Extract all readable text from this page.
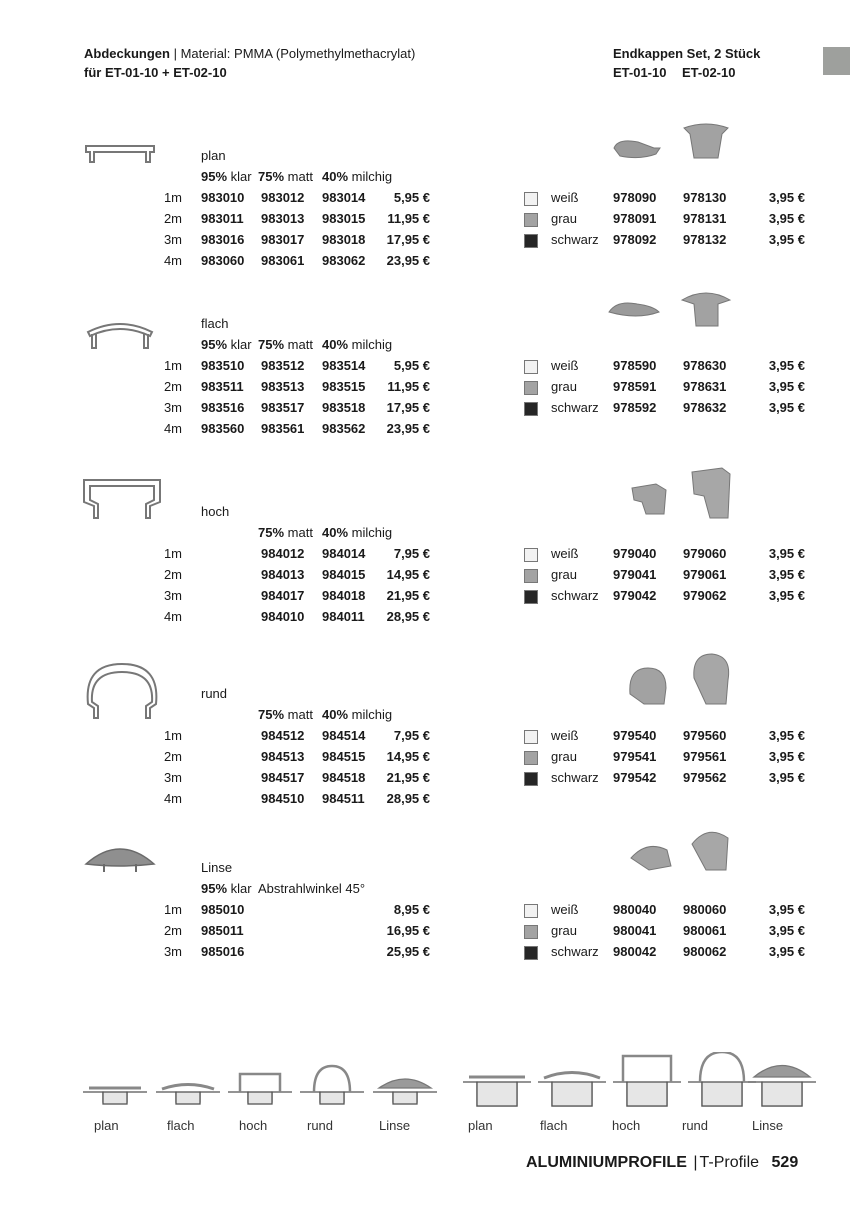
Abdeckungen | Material: PMMA (Polymethylmethacrylat)
für ET-01-10 + ET-02-10
Endkappen Set, 2 Stück
ET-01-10 ET-02-10
plan
95% klar 75% matt 40% milchig
1m 983010 983012 983014	5,95 €
2m 983011 983013 983015	11,95 €
3m 983016 983017 983018	17,95 €
4m 983060 983061 983062	23,95 €
weiß	978090 978130	3,95 €
grau	978091 978131	3,95 €
schwarz 978092 978132	3,95 €
flach
95% klar 75% matt 40% milchig
1m 983510 983512 983514	5,95 €
2m 983511 983513 983515	11,95 €
3m 983516 983517 983518	17,95 €
4m 983560 983561 983562	23,95 €
weiß	978590 978630	3,95 €
grau	978591 978631	3,95 €
schwarz 978592 978632	3,95 €
hoch
75% matt 40% milchig
1m	984012 984014	7,95 €
2m	984013 984015	14,95 €
3m	984017 984018	21,95 €
4m	984010 984011	28,95 €
weiß	979040 979060	3,95 €
grau	979041 979061	3,95 €
schwarz 979042 979062	3,95 €
rund
75% matt 40% milchig
1m	984512 984514	7,95 €
2m	984513 984515	14,95 €
3m	984517 984518	21,95 €
4m	984510 984511	28,95 €
weiß	979540 979560	3,95 €
grau	979541 979561	3,95 €
schwarz 979542 979562	3,95 €
Linse
95% klar Abstrahlwinkel 45°
1m 985010	8,95 €
2m 985011	16,95 €
3m 985016	25,95 €
weiß	980040 980060	3,95 €
grau	980041 980061	3,95 €
schwarz 980042 980062	3,95 €
plan	flach	hoch	rund	Linse	plan	flach	hoch	rund	Linse
ALUMINIUMPROFILE | T-Profile 529
